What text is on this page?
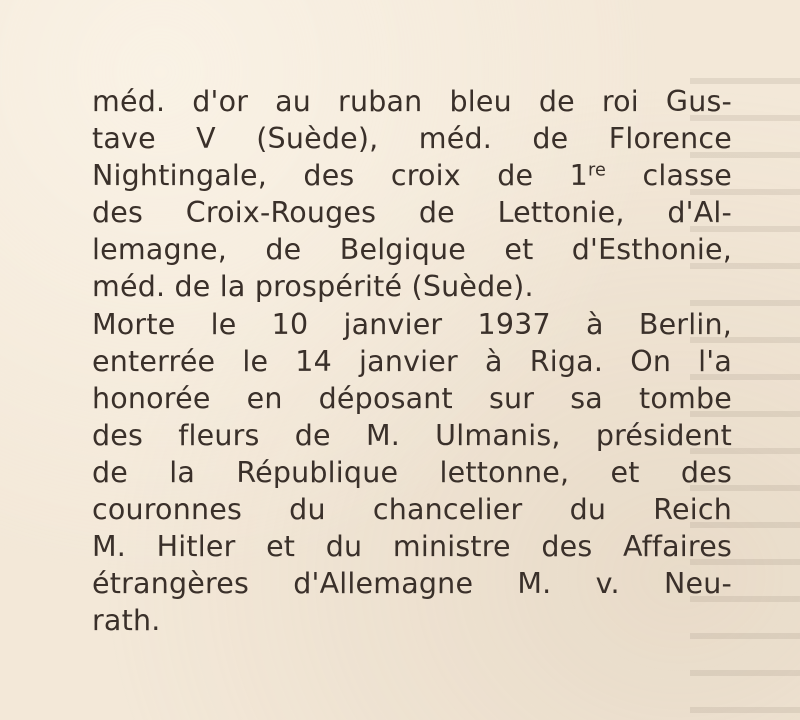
méd. d'or au ruban bleu de roi Gus-
tave V (Suède), méd. de Florence
Nightingale, des croix de 1re classe
des Croix-Rouges de Lettonie, d'Al-
lemagne, de Belgique et d'Esthonie,
méd. de la prospérité (Suède).
Morte le 10 janvier 1937 à Berlin,
enterrée le 14 janvier à Riga. On l'a
honorée en déposant sur sa tombe
des fleurs de M. Ulmanis, président
de la République lettonne, et des
couronnes du chancelier du Reich
M. Hitler et du ministre des Affaires
étrangères d'Allemagne M. v. Neu-
rath.
